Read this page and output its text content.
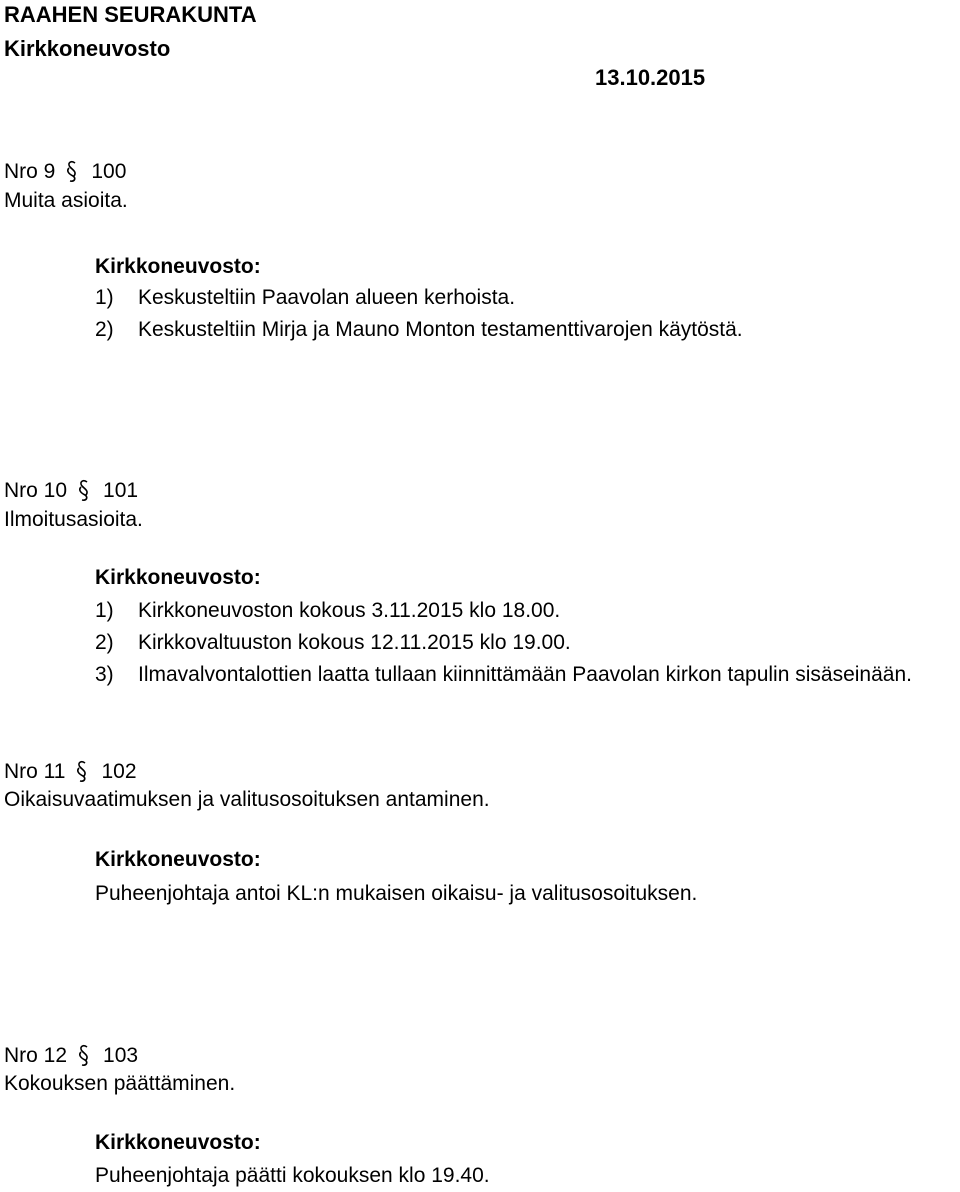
RAAHEN SEURAKUNTA
Kirkkoneuvosto
13.10.2015
Nro 9 100
Muita asioita.
Kirkkoneuvosto:
1) Keskusteltiin Paavolan alueen kerhoista.
2) Keskusteltiin Mirja ja Mauno Monton testamenttivarojen käytöstä.
Nro 10 101
Ilmoitusasioita.
Kirkkoneuvosto:
1) Kirkkoneuvoston kokous 3.11.2015 klo 18.00.
2) Kirkkovaltuuston kokous 12.11.2015 klo 19.00.
3) Ilmavalvontalottien laatta tullaan kiinnittämään Paavolan kirkon tapulin sisäseinään.
Nro 11 102
Oikaisuvaatimuksen ja valitusosoituksen antaminen.
Kirkkoneuvosto:
Puheenjohtaja antoi KL:n mukaisen oikaisu- ja valitusosoituksen.
Nro 12 103
Kokouksen päättäminen.
Kirkkoneuvosto:
Puheenjohtaja päätti kokouksen klo 19.40.
